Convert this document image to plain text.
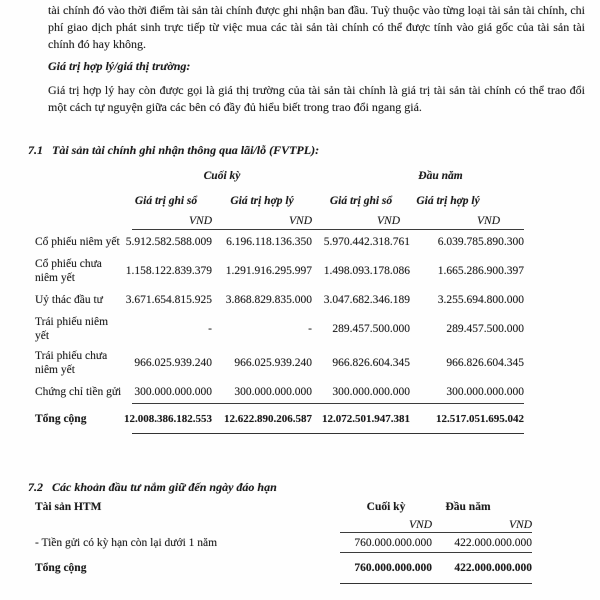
tài chính đó vào thời điểm tài sản tài chính được ghi nhận ban đầu. Tuỳ thuộc vào từng loại tài sản tài chính, chi phí giao dịch phát sinh trực tiếp từ việc mua các tài sản tài chính có thể được tính vào giá gốc của tài sản tài chính đó hay không.

Giá trị hợp lý/giá thị trường:

Giá trị hợp lý hay còn được gọi là giá thị trường của tài sản tài chính là giá trị tài sản tài chính có thể trao đổi một cách tự nguyện giữa các bên có đầy đủ hiểu biết trong trao đổi ngang giá.

7.1 Tài sản tài chính ghi nhận thông qua lãi/lỗ (FVTPL):
	Cuối kỳ		Đầu năm	
	Giá trị ghi sổ	Giá trị hợp lý	Giá trị ghi sổ	Giá trị hợp lý
	VND	VND	VND	VND
Cổ phiếu niêm yết	5.912.582.588.009	6.196.118.136.350	5.970.442.318.761	6.039.785.890.300
Cổ phiếu chưa niêm yết	1.158.122.839.379	1.291.916.295.997	1.498.093.178.086	1.665.286.900.397
Uỷ thác đầu tư	3.671.654.815.925	3.868.829.835.000	3.047.682.346.189	3.255.694.800.000
Trái phiếu niêm yết	-	-	289.457.500.000	289.457.500.000
Trái phiếu chưa niêm yết	966.025.939.240	966.025.939.240	966.826.604.345	966.826.604.345
Chứng chỉ tiền gửi	300.000.000.000	300.000.000.000	300.000.000.000	300.000.000.000
Tổng cộng	12.008.386.182.553	12.622.890.206.587	12.072.501.947.381	12.517.051.695.042
7.2 Các khoản đầu tư nắm giữ đến ngày đáo hạn
Tài sản HTM	Cuối kỳ	Đầu năm
	VND	VND
- Tiền gửi có kỳ hạn còn lại dưới 1 năm	760.000.000.000	422.000.000.000
Tổng cộng	760.000.000.000	422.000.000.000
